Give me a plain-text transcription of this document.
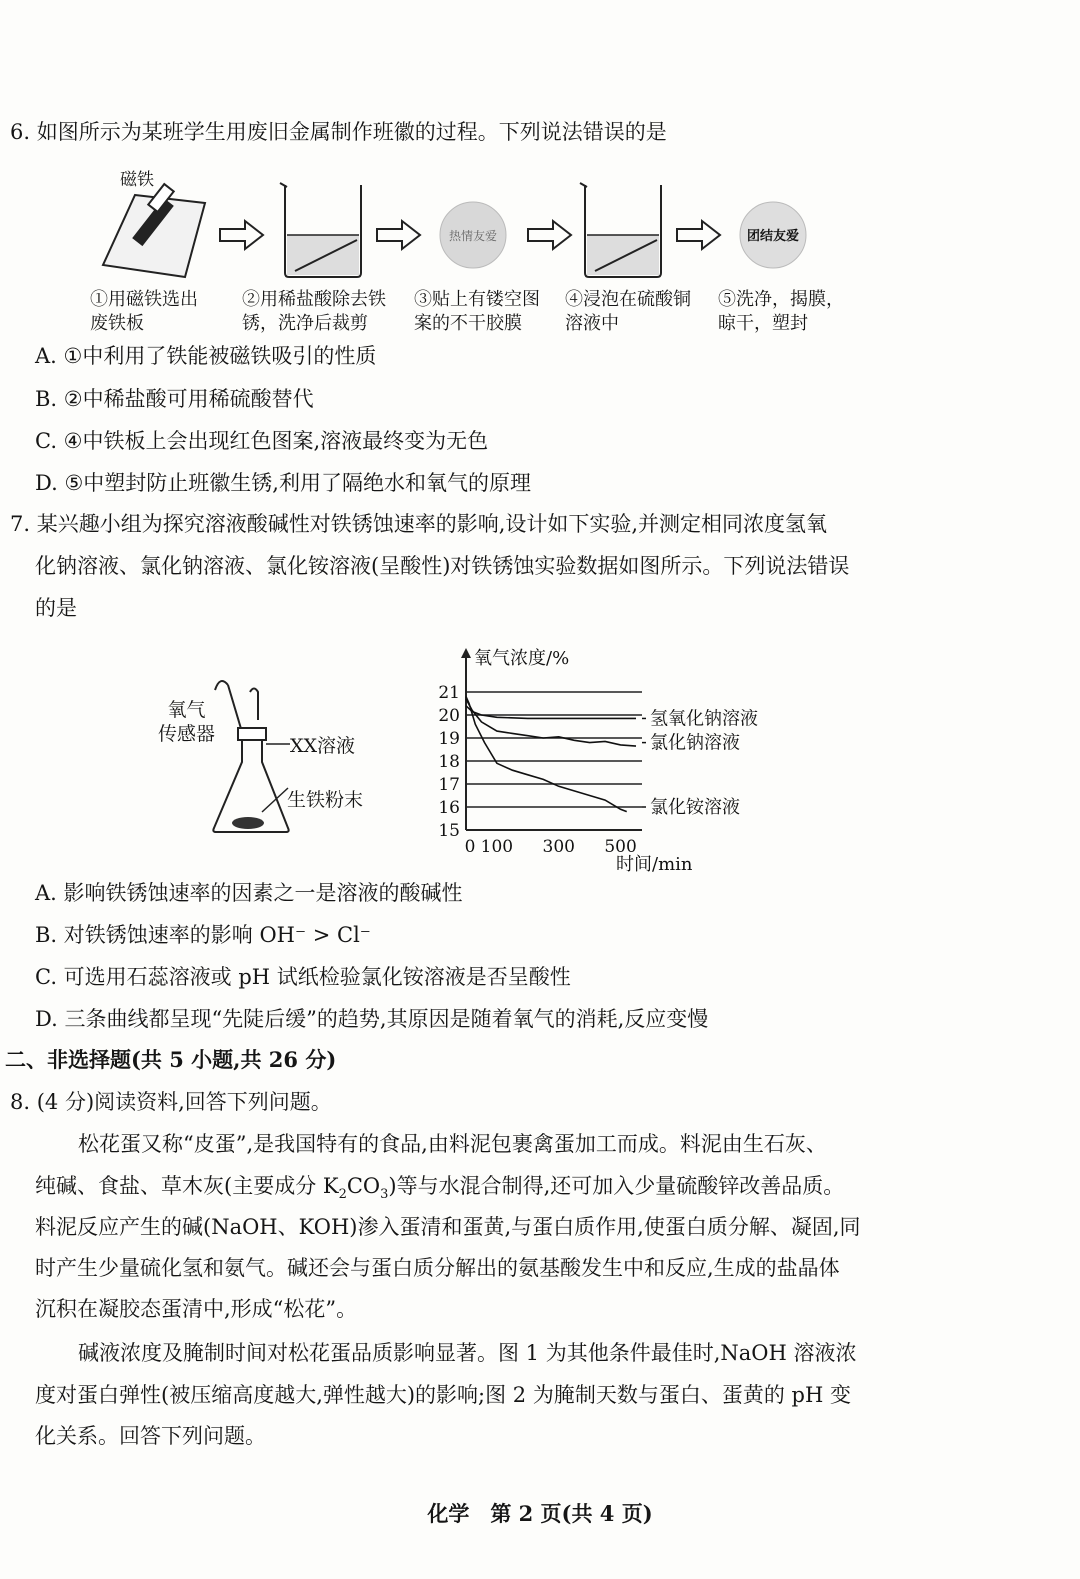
6. 如图所示为某班学生用废旧金属制作班徽的过程。下列说法错误的是
磁铁
热情友爱	团结友爱
①用磁铁选出
废铁板
②用稀盐酸除去铁
锈，洗净后裁剪
③贴上有镂空图
案的不干胶膜
④浸泡在硫酸铜
溶液中
⑤洗净，揭膜，
晾干，塑封
A. ①中利用了铁能被磁铁吸引的性质
B. ②中稀盐酸可用稀硫酸替代
C. ④中铁板上会出现红色图案,溶液最终变为无色
D. ⑤中塑封防止班徽生锈,利用了隔绝水和氧气的原理
7. 某兴趣小组为探究溶液酸碱性对铁锈蚀速率的影响,设计如下实验,并测定相同浓度氢氧
化钠溶液、氯化钠溶液、氯化铵溶液(呈酸性)对铁锈蚀实验数据如图所示。下列说法错误
的是
氧气
传感器
XX溶液
生铁粉末
21
20
19
18
17
16
15
0 100 300 500
氧气浓度/%
时间/min
氢氧化钠溶液
氯化钠溶液
氯化铵溶液
A. 影响铁锈蚀速率的因素之一是溶液的酸碱性
B. 对铁锈蚀速率的影响 OH⁻ > Cl⁻
C. 可选用石蕊溶液或 pH 试纸检验氯化铵溶液是否呈酸性
D. 三条曲线都呈现“先陡后缓”的趋势,其原因是随着氧气的消耗,反应变慢
二、非选择题(共 5 小题,共 26 分)
8. (4 分)阅读资料,回答下列问题。
松花蛋又称“皮蛋”,是我国特有的食品,由料泥包裹禽蛋加工而成。料泥由生石灰、
纯碱、食盐、草木灰(主要成分 $K_2CO_3$)等与水混合制得,还可加入少量硫酸锌改善品质。
料泥反应产生的碱(NaOH、KOH)渗入蛋清和蛋黄,与蛋白质作用,使蛋白质分解、凝固,同
时产生少量硫化氢和氨气。碱还会与蛋白质分解出的氨基酸发生中和反应,生成的盐晶体
沉积在凝胶态蛋清中,形成“松花”。
碱液浓度及腌制时间对松花蛋品质影响显著。图 1 为其他条件最佳时,NaOH 溶液浓
度对蛋白弹性(被压缩高度越大,弹性越大)的影响;图 2 为腌制天数与蛋白、蛋黄的 pH 变
化关系。回答下列问题。
化学　第 2 页(共 4 页)
